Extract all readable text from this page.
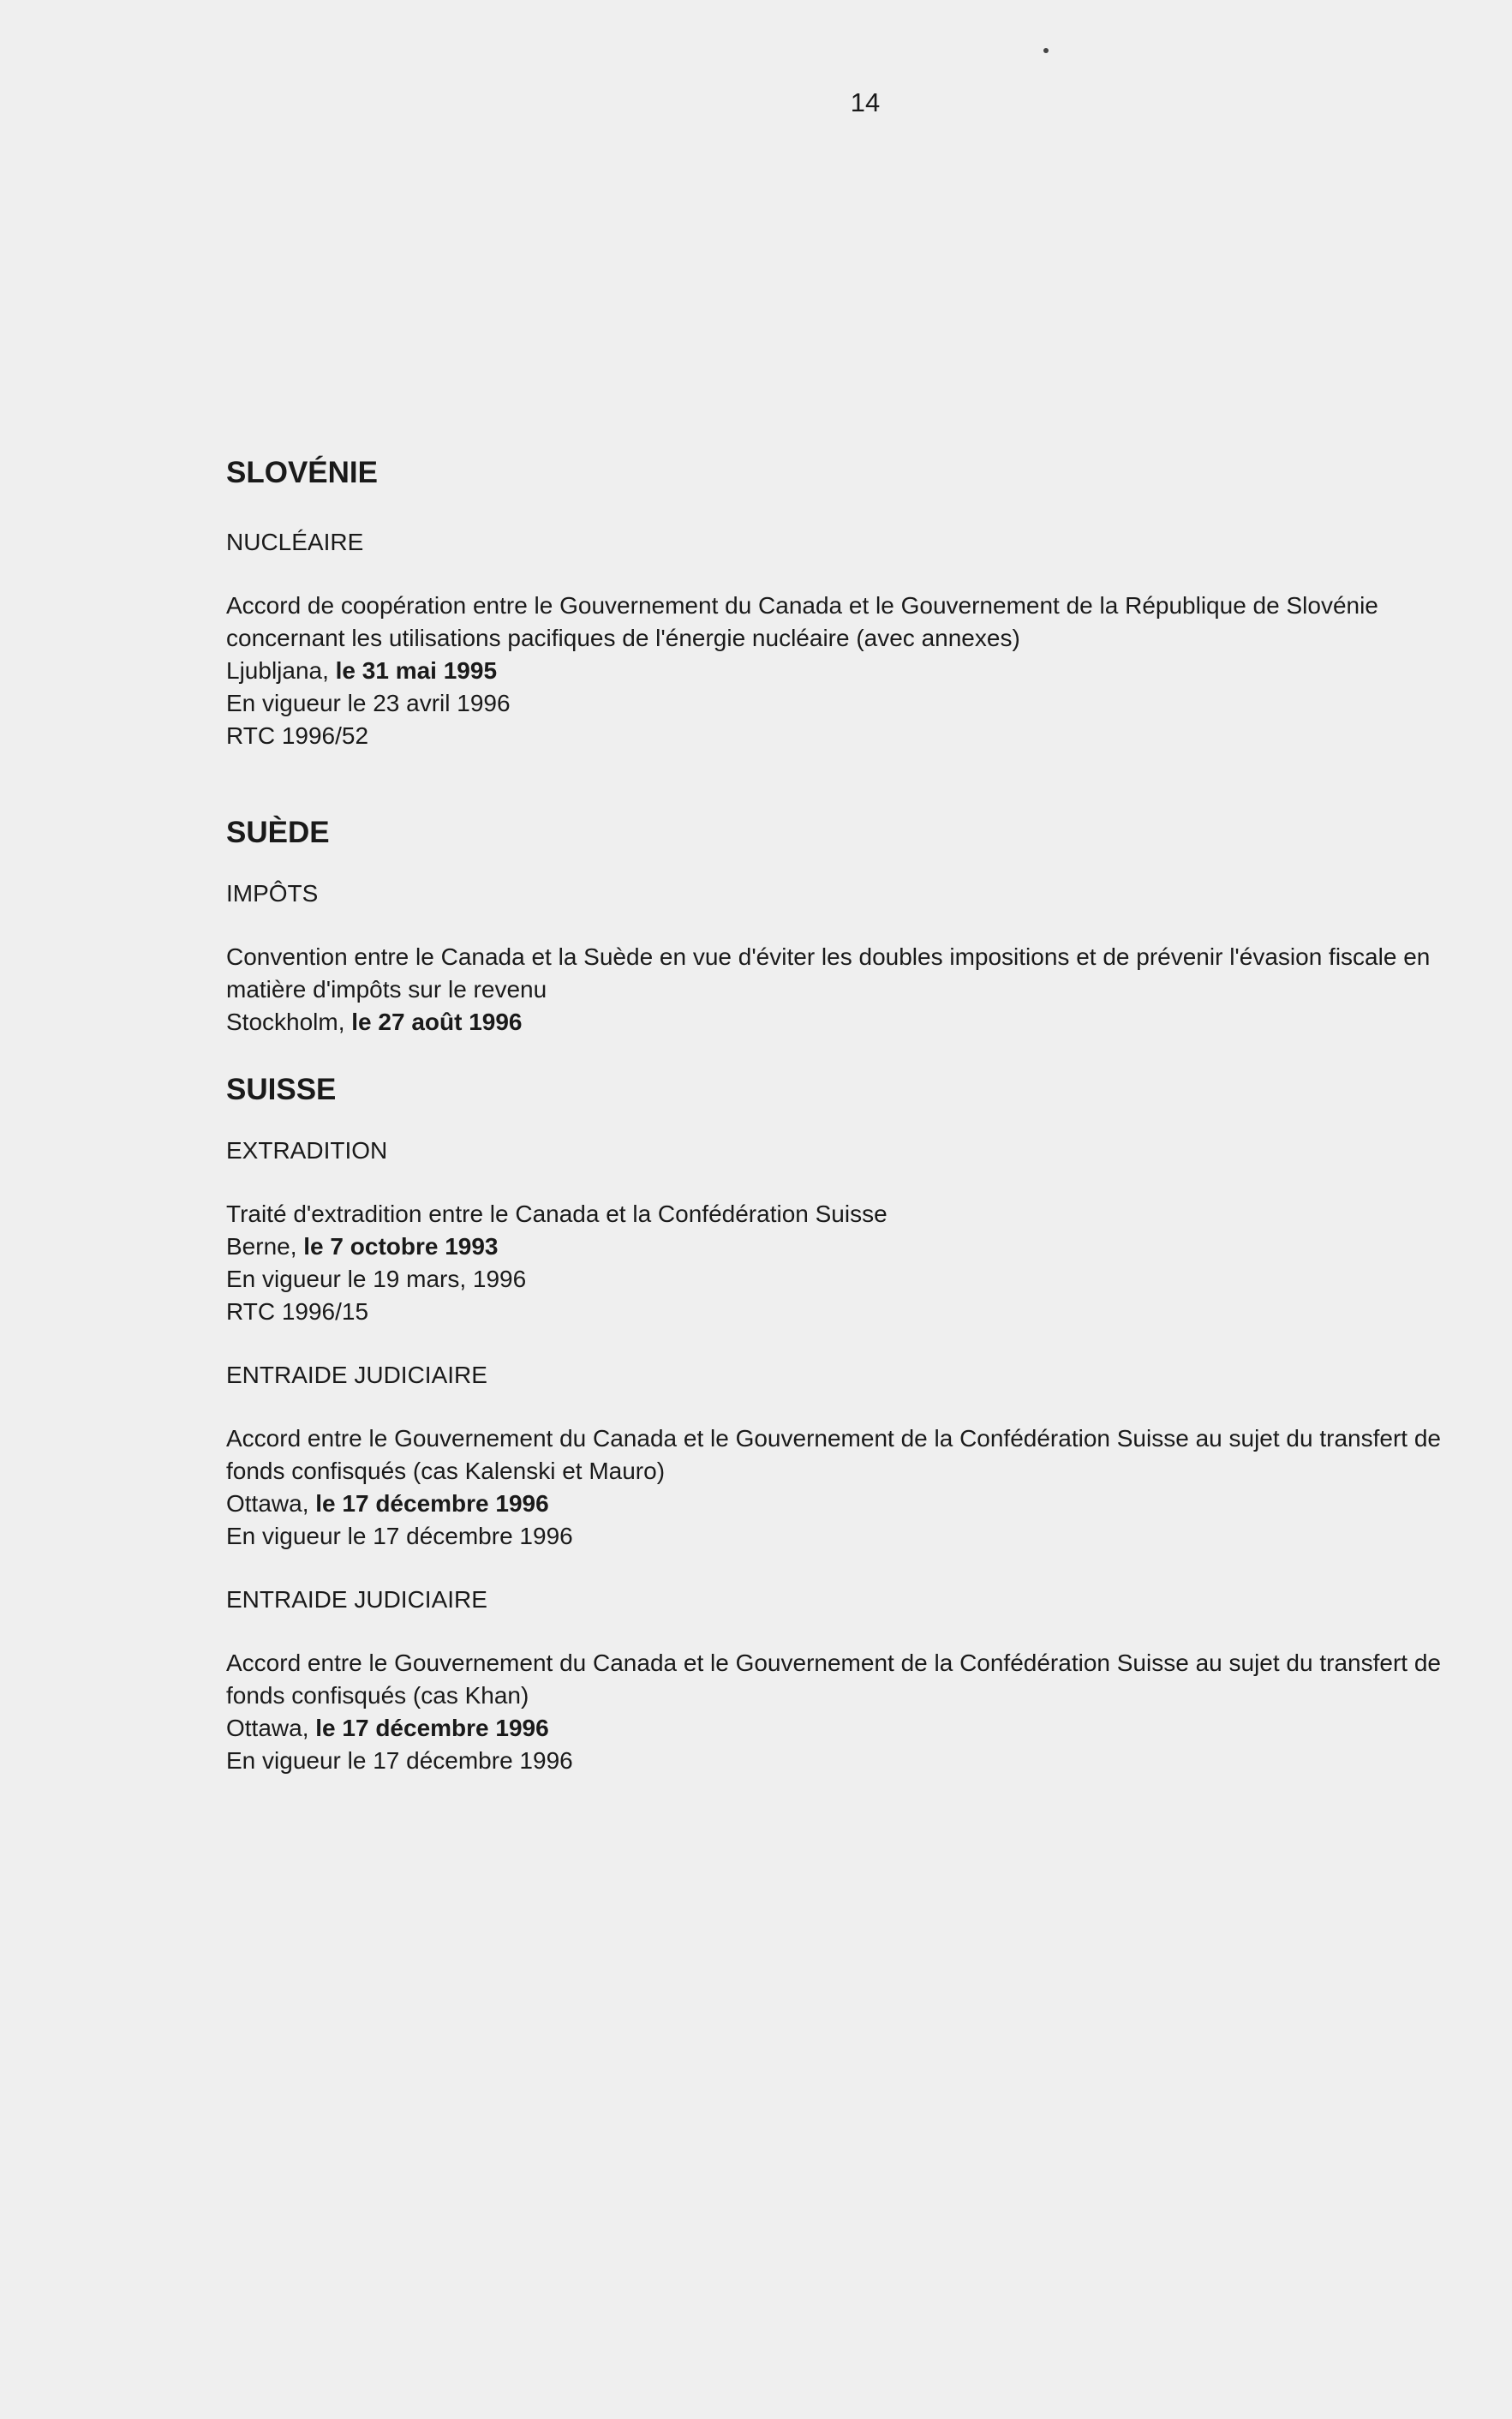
14
SLOVÉNIE
NUCLÉAIRE

Accord de coopération entre le Gouvernement du Canada et le Gouvernement de la République de Slovénie concernant les utilisations pacifiques de l'énergie nucléaire (avec annexes)

Ljubljana, le 31 mai 1995

En vigueur le 23 avril 1996

RTC 1996/52

SUÈDE
IMPÔTS

Convention entre le Canada et la Suède en vue d'éviter les doubles impositions et de prévenir l'évasion fiscale en matière d'impôts sur le revenu

Stockholm, le 27 août 1996

SUISSE
EXTRADITION

Traité d'extradition entre le Canada et la Confédération Suisse

Berne, le 7 octobre 1993

En vigueur le 19 mars, 1996

RTC 1996/15

ENTRAIDE JUDICIAIRE

Accord entre le Gouvernement du Canada et le Gouvernement de la Confédération Suisse au sujet du transfert de fonds confisqués (cas Kalenski et Mauro)

Ottawa, le 17 décembre 1996

En vigueur le 17 décembre 1996

ENTRAIDE JUDICIAIRE

Accord entre le Gouvernement du Canada et le Gouvernement de la Confédération Suisse au sujet du transfert de fonds confisqués (cas Khan)

Ottawa, le 17 décembre 1996

En vigueur le 17 décembre 1996
